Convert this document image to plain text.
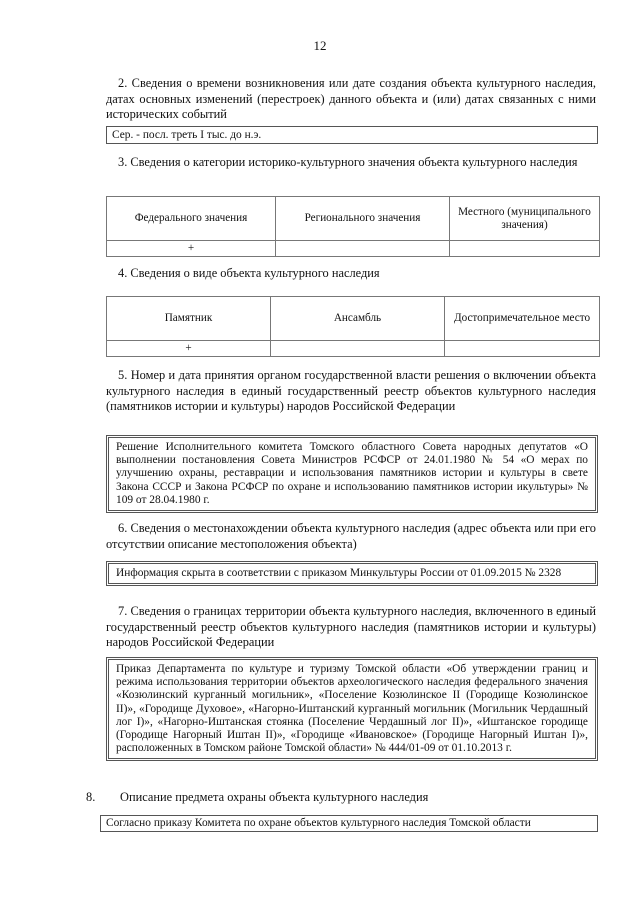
12
2. Сведения о времени возникновения или дате создания объекта культурного наследия, датах основных изменений (перестроек) данного объекта и (или) датах связанных с ними исторических событий
Сер. - посл. треть I тыс. до н.э.
3. Сведения о категории историко-культурного значения объекта культурного наследия
Федерального значения	Регионального значения	Местного (муниципального значения)
+		
4. Сведения о виде объекта культурного наследия
Памятник	Ансамбль	Достопримечательное место
+		
5. Номер и дата принятия органом государственной власти решения о включении объекта культурного наследия в единый государственный реестр объектов культурного наследия (памятников истории и культуры) народов Российской Федерации
Решение Исполнительного комитета Томского областного Совета народных депутатов «О выполнении постановления Совета Министров РСФСР от 24.01.1980 № 54 «О мерах по улучшению охраны, реставрации и использования памятников истории и культуры в свете Закона СССР и Закона РСФСР по охране и использованию памятников истории икультуры» № 109 от 28.04.1980 г.
6. Сведения о местонахождении объекта культурного наследия (адрес объекта или при его отсутствии описание местоположения объекта)
Информация скрыта в соответствии с приказом Минкультуры России от 01.09.2015 № 2328
7. Сведения о границах территории объекта культурного наследия, включенного в единый государственный реестр объектов культурного наследия (памятников истории и культуры) народов Российской Федерации
Приказ Департамента по культуре и туризму Томской области «Об утверждении границ и режима использования территории объектов археологического наследия федерального значения «Козюлинский курганный могильник», «Поселение Козюлинское II (Городище Козюлинское II)», «Городище Духовое», «Нагорно-Иштанский курганный могильник (Могильник Чердашный лог I)», «Нагорно-Иштанская стоянка (Поселение Чердашный лог II)», «Иштанское городище (Городище Нагорный Иштан II)», «Городище «Ивановское» (Городище Нагорный Иштан I)», расположенных в Томском районе Томской области» № 444/01-09 от 01.10.2013 г.
8. Описание предмета охраны объекта культурного наследия
Согласно приказу Комитета по охране объектов культурного наследия Томской области
